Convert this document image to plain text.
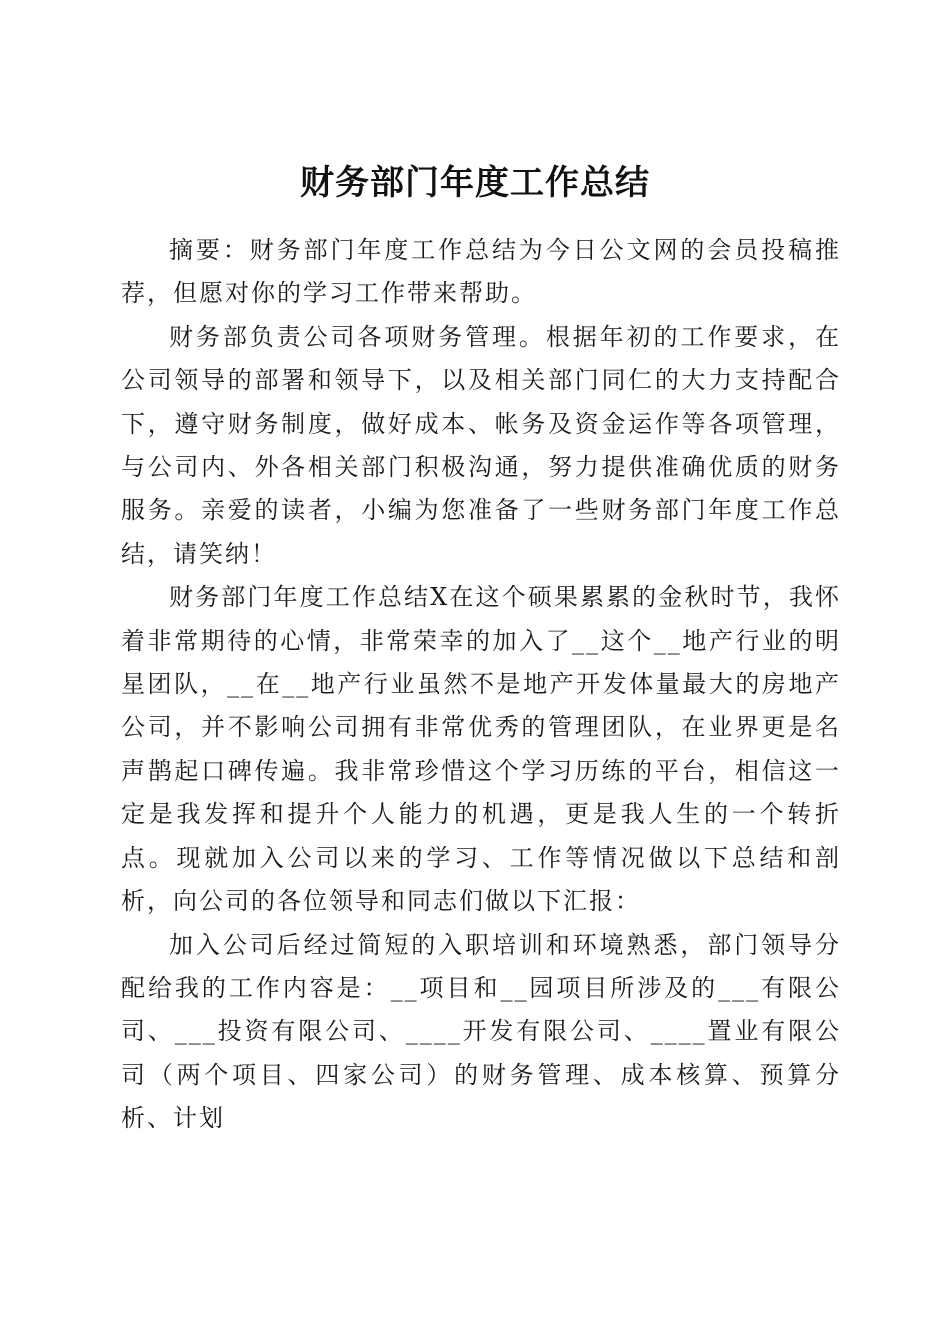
财务部门年度工作总结

摘要：财务部门年度工作总结为今日公文网的会员投稿推荐，但愿对你的学习工作带来帮助。

财务部负责公司各项财务管理。根据年初的工作要求，在公司领导的部署和领导下，以及相关部门同仁的大力支持配合下，遵守财务制度，做好成本、帐务及资金运作等各项管理，与公司内、外各相关部门积极沟通，努力提供准确优质的财务服务。亲爱的读者，小编为您准备了一些财务部门年度工作总结，请笑纳！

财务部门年度工作总结X在这个硕果累累的金秋时节，我怀着非常期待的心情，非常荣幸的加入了__这个__地产行业的明星团队，__在__地产行业虽然不是地产开发体量最大的房地产公司，并不影响公司拥有非常优秀的管理团队，在业界更是名声鹊起口碑传遍。我非常珍惜这个学习历练的平台，相信这一定是我发挥和提升个人能力的机遇，更是我人生的一个转折点。现就加入公司以来的学习、工作等情况做以下总结和剖析，向公司的各位领导和同志们做以下汇报：

加入公司后经过简短的入职培训和环境熟悉，部门领导分配给我的工作内容是：__项目和__园项目所涉及的___有限公司、___投资有限公司、____开发有限公司、____置业有限公司（两个项目、四家公司）的财务管理、成本核算、预算分析、计划
